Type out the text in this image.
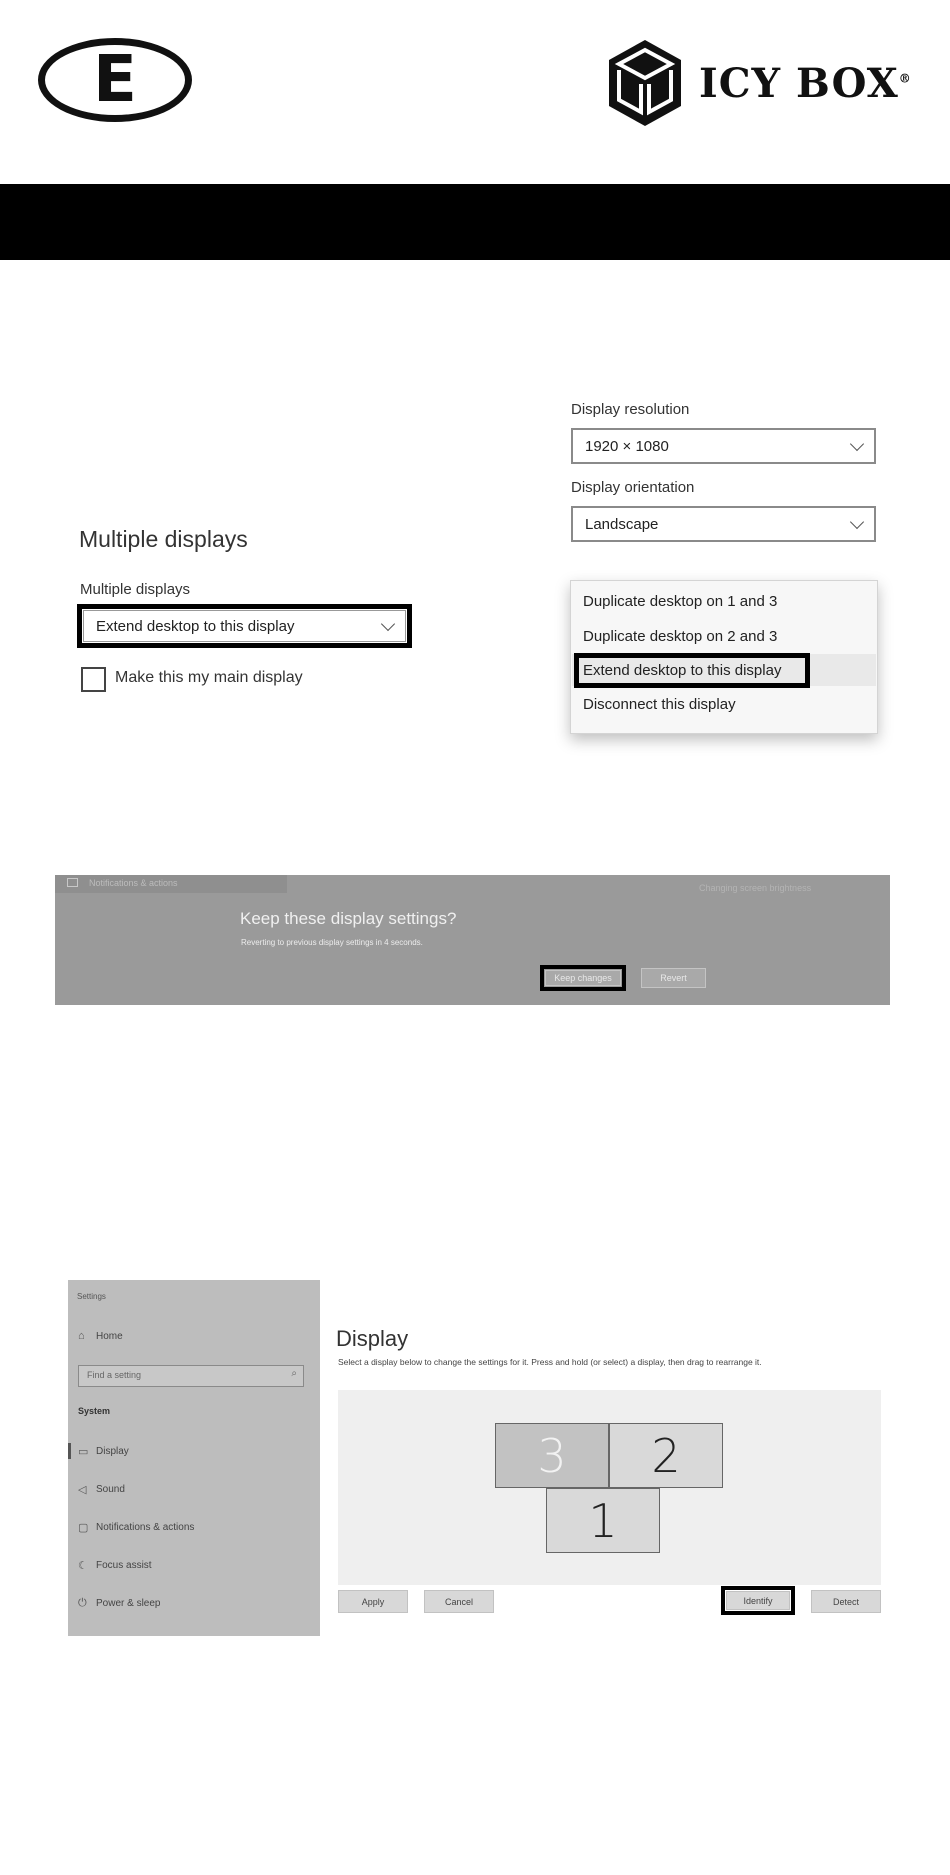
E	ICY BOX®
Display resolution
1920 × 1080
Display orientation
Landscape
Multiple displays
Multiple displays
Extend desktop to this display
Make this my main display
Duplicate desktop on 1 and 3
Duplicate desktop on 2 and 3
Extend desktop to this display
Disconnect this display
Notifications & actions	Changing screen brightness
Keep these display settings?
Reverting to previous display settings in 4 seconds.
Keep changes	Revert
Settings
⌂	Home
Find a setting	⌕
System
▭ Display
◁ Sound
▢ Notifications & actions
☾ Focus assist
⏻ Power & sleep
Display
Select a display below to change the settings for it. Press and hold (or select) a display, then drag to rearrange it.
3	2
1
Apply	Cancel	Identify	Detect
